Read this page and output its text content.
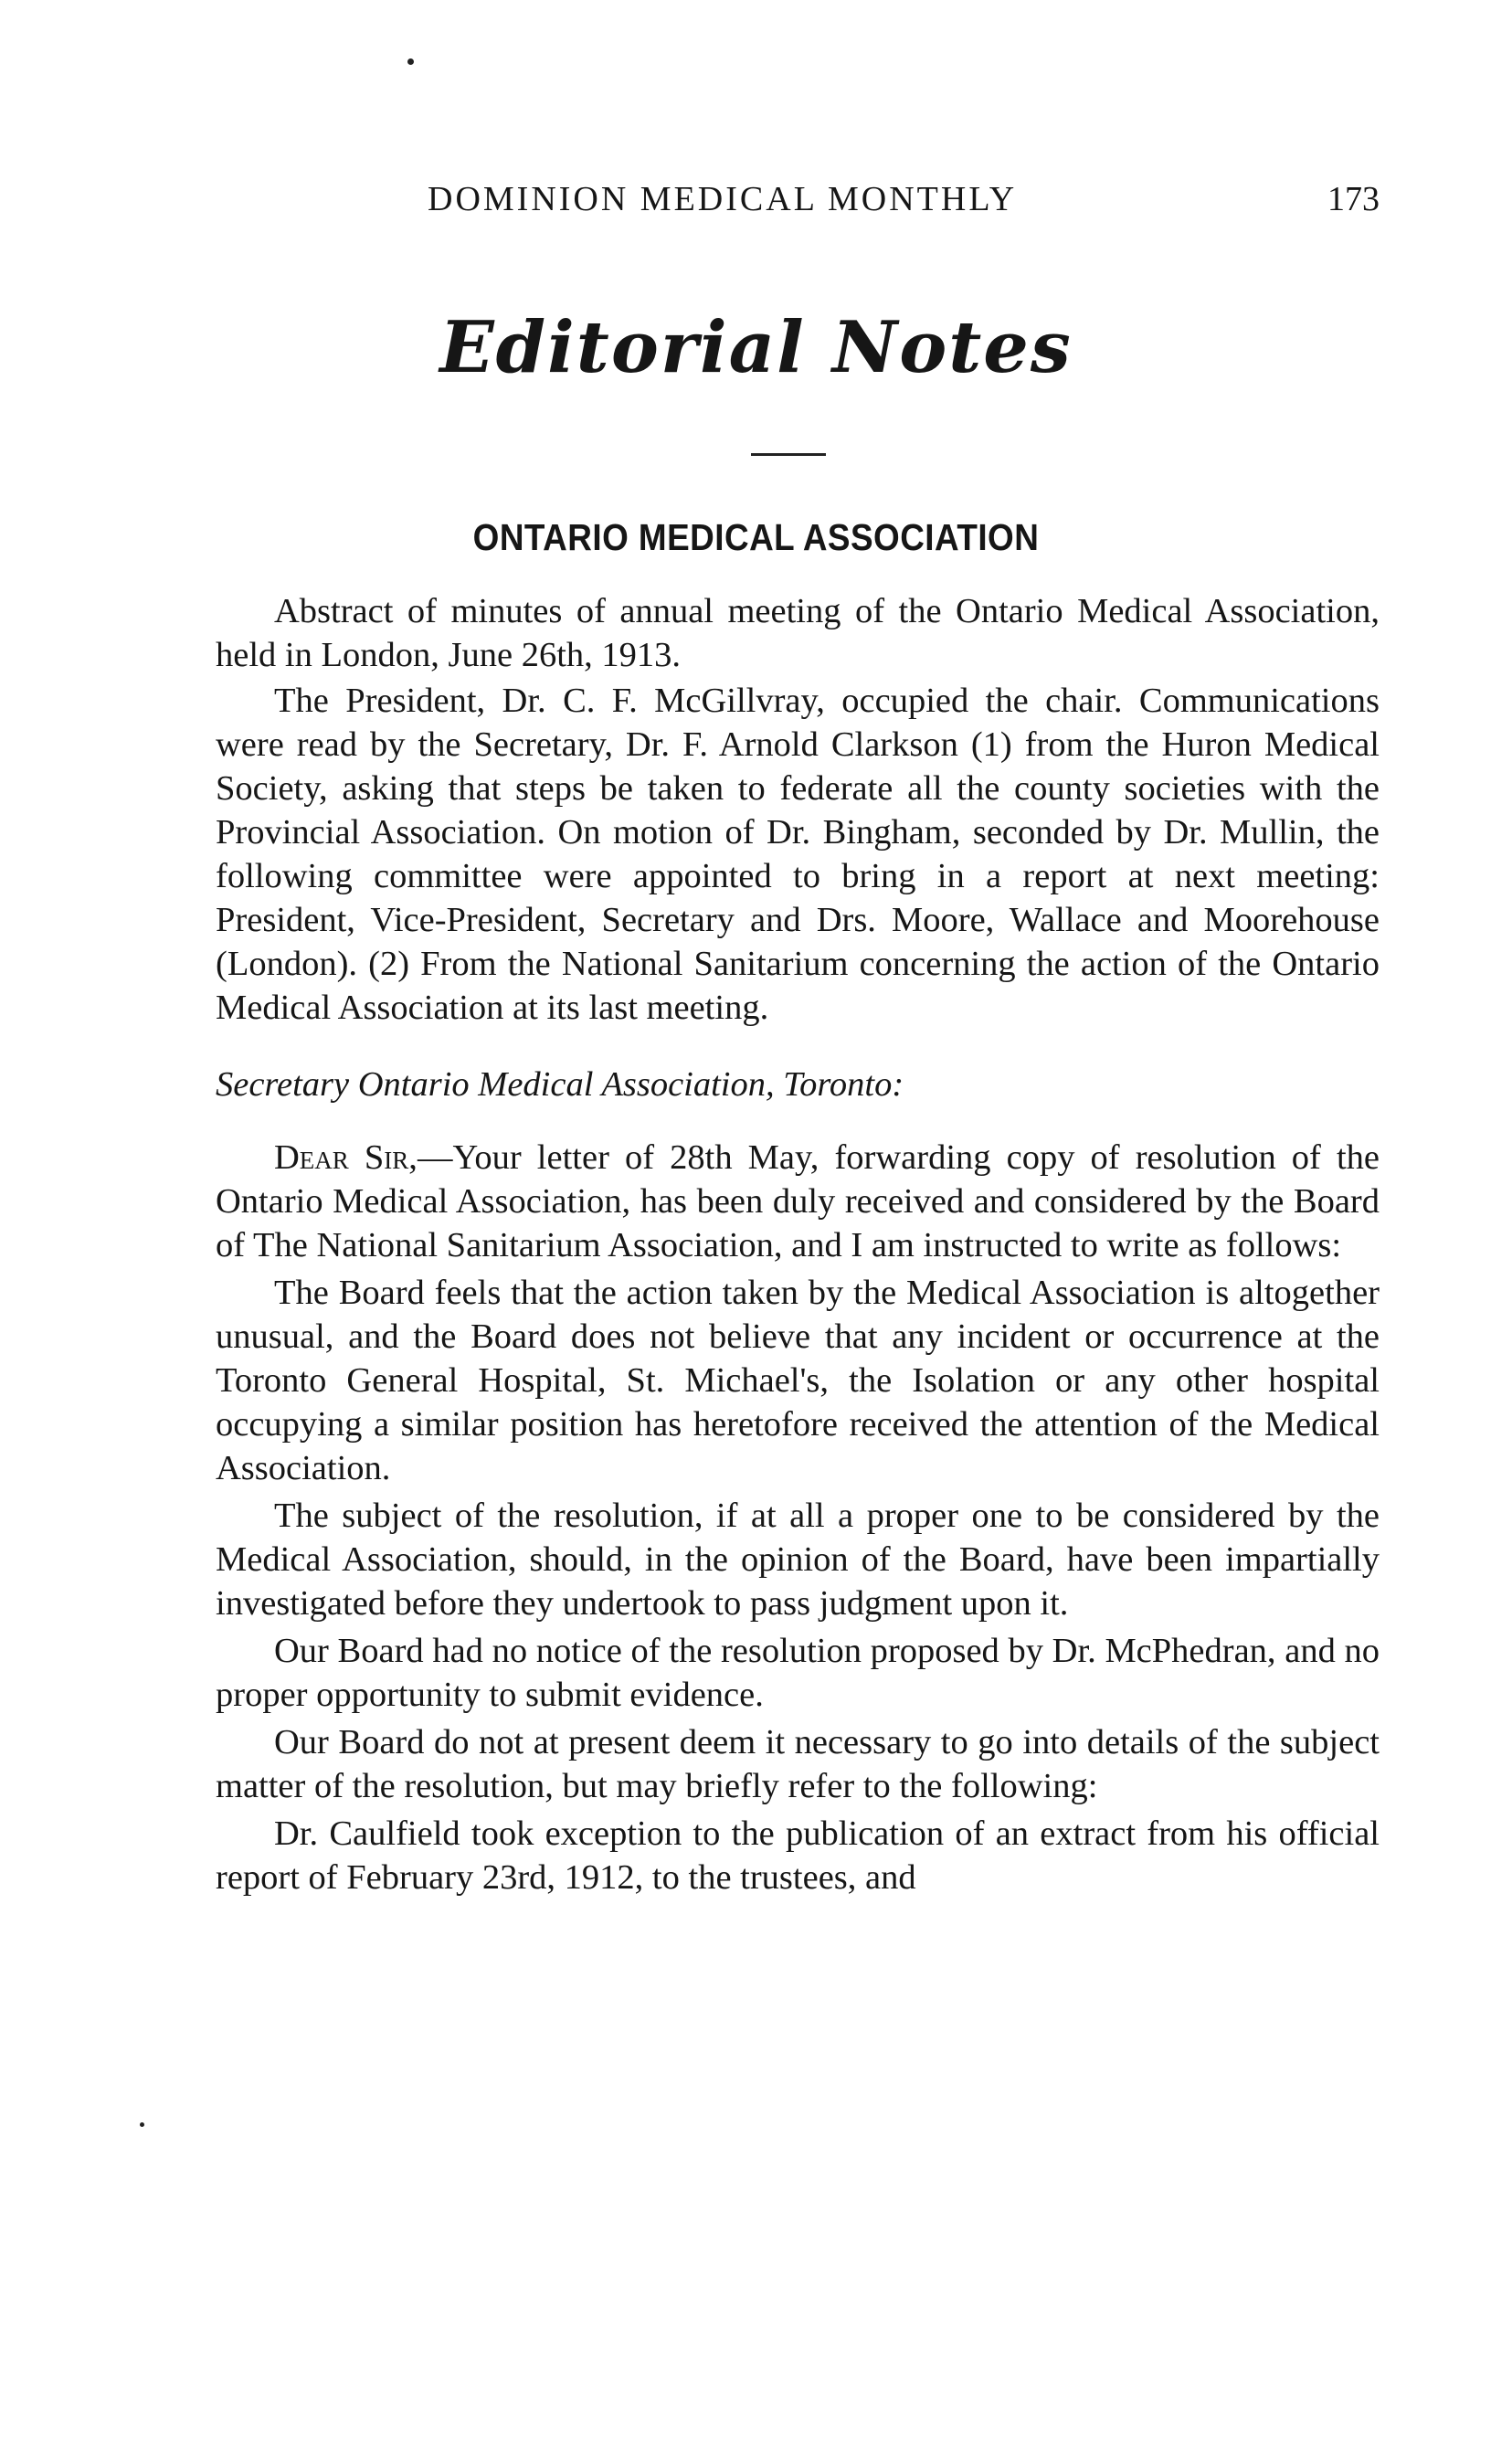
DOMINION MEDICAL MONTHLY	173
Editorial Notes
ONTARIO MEDICAL ASSOCIATION

Abstract of minutes of annual meeting of the Ontario Medical Association, held in London, June 26th, 1913.

The President, Dr. C. F. McGillvray, occupied the chair. Communications were read by the Secretary, Dr. F. Arnold Clarkson (1) from the Huron Medical Society, asking that steps be taken to federate all the county societies with the Provincial Association. On motion of Dr. Bingham, seconded by Dr. Mullin, the following committee were appointed to bring in a report at next meeting: President, Vice-President, Secretary and Drs. Moore, Wallace and Moorehouse (London). (2) From the National Sanitarium concerning the action of the Ontario Medical Association at its last meeting.

Secretary Ontario Medical Association, Toronto:

Dear Sir,—Your letter of 28th May, forwarding copy of resolution of the Ontario Medical Association, has been duly received and considered by the Board of The National Sanitarium Association, and I am instructed to write as follows:

The Board feels that the action taken by the Medical Association is altogether unusual, and the Board does not believe that any incident or occurrence at the Toronto General Hospital, St. Michael's, the Isolation or any other hospital occupying a similar position has heretofore received the attention of the Medical Association.

The subject of the resolution, if at all a proper one to be considered by the Medical Association, should, in the opinion of the Board, have been impartially investigated before they undertook to pass judgment upon it.

Our Board had no notice of the resolution proposed by Dr. McPhedran, and no proper opportunity to submit evidence.

Our Board do not at present deem it necessary to go into details of the subject matter of the resolution, but may briefly refer to the following:

Dr. Caulfield took exception to the publication of an extract from his official report of February 23rd, 1912, to the trustees, and
